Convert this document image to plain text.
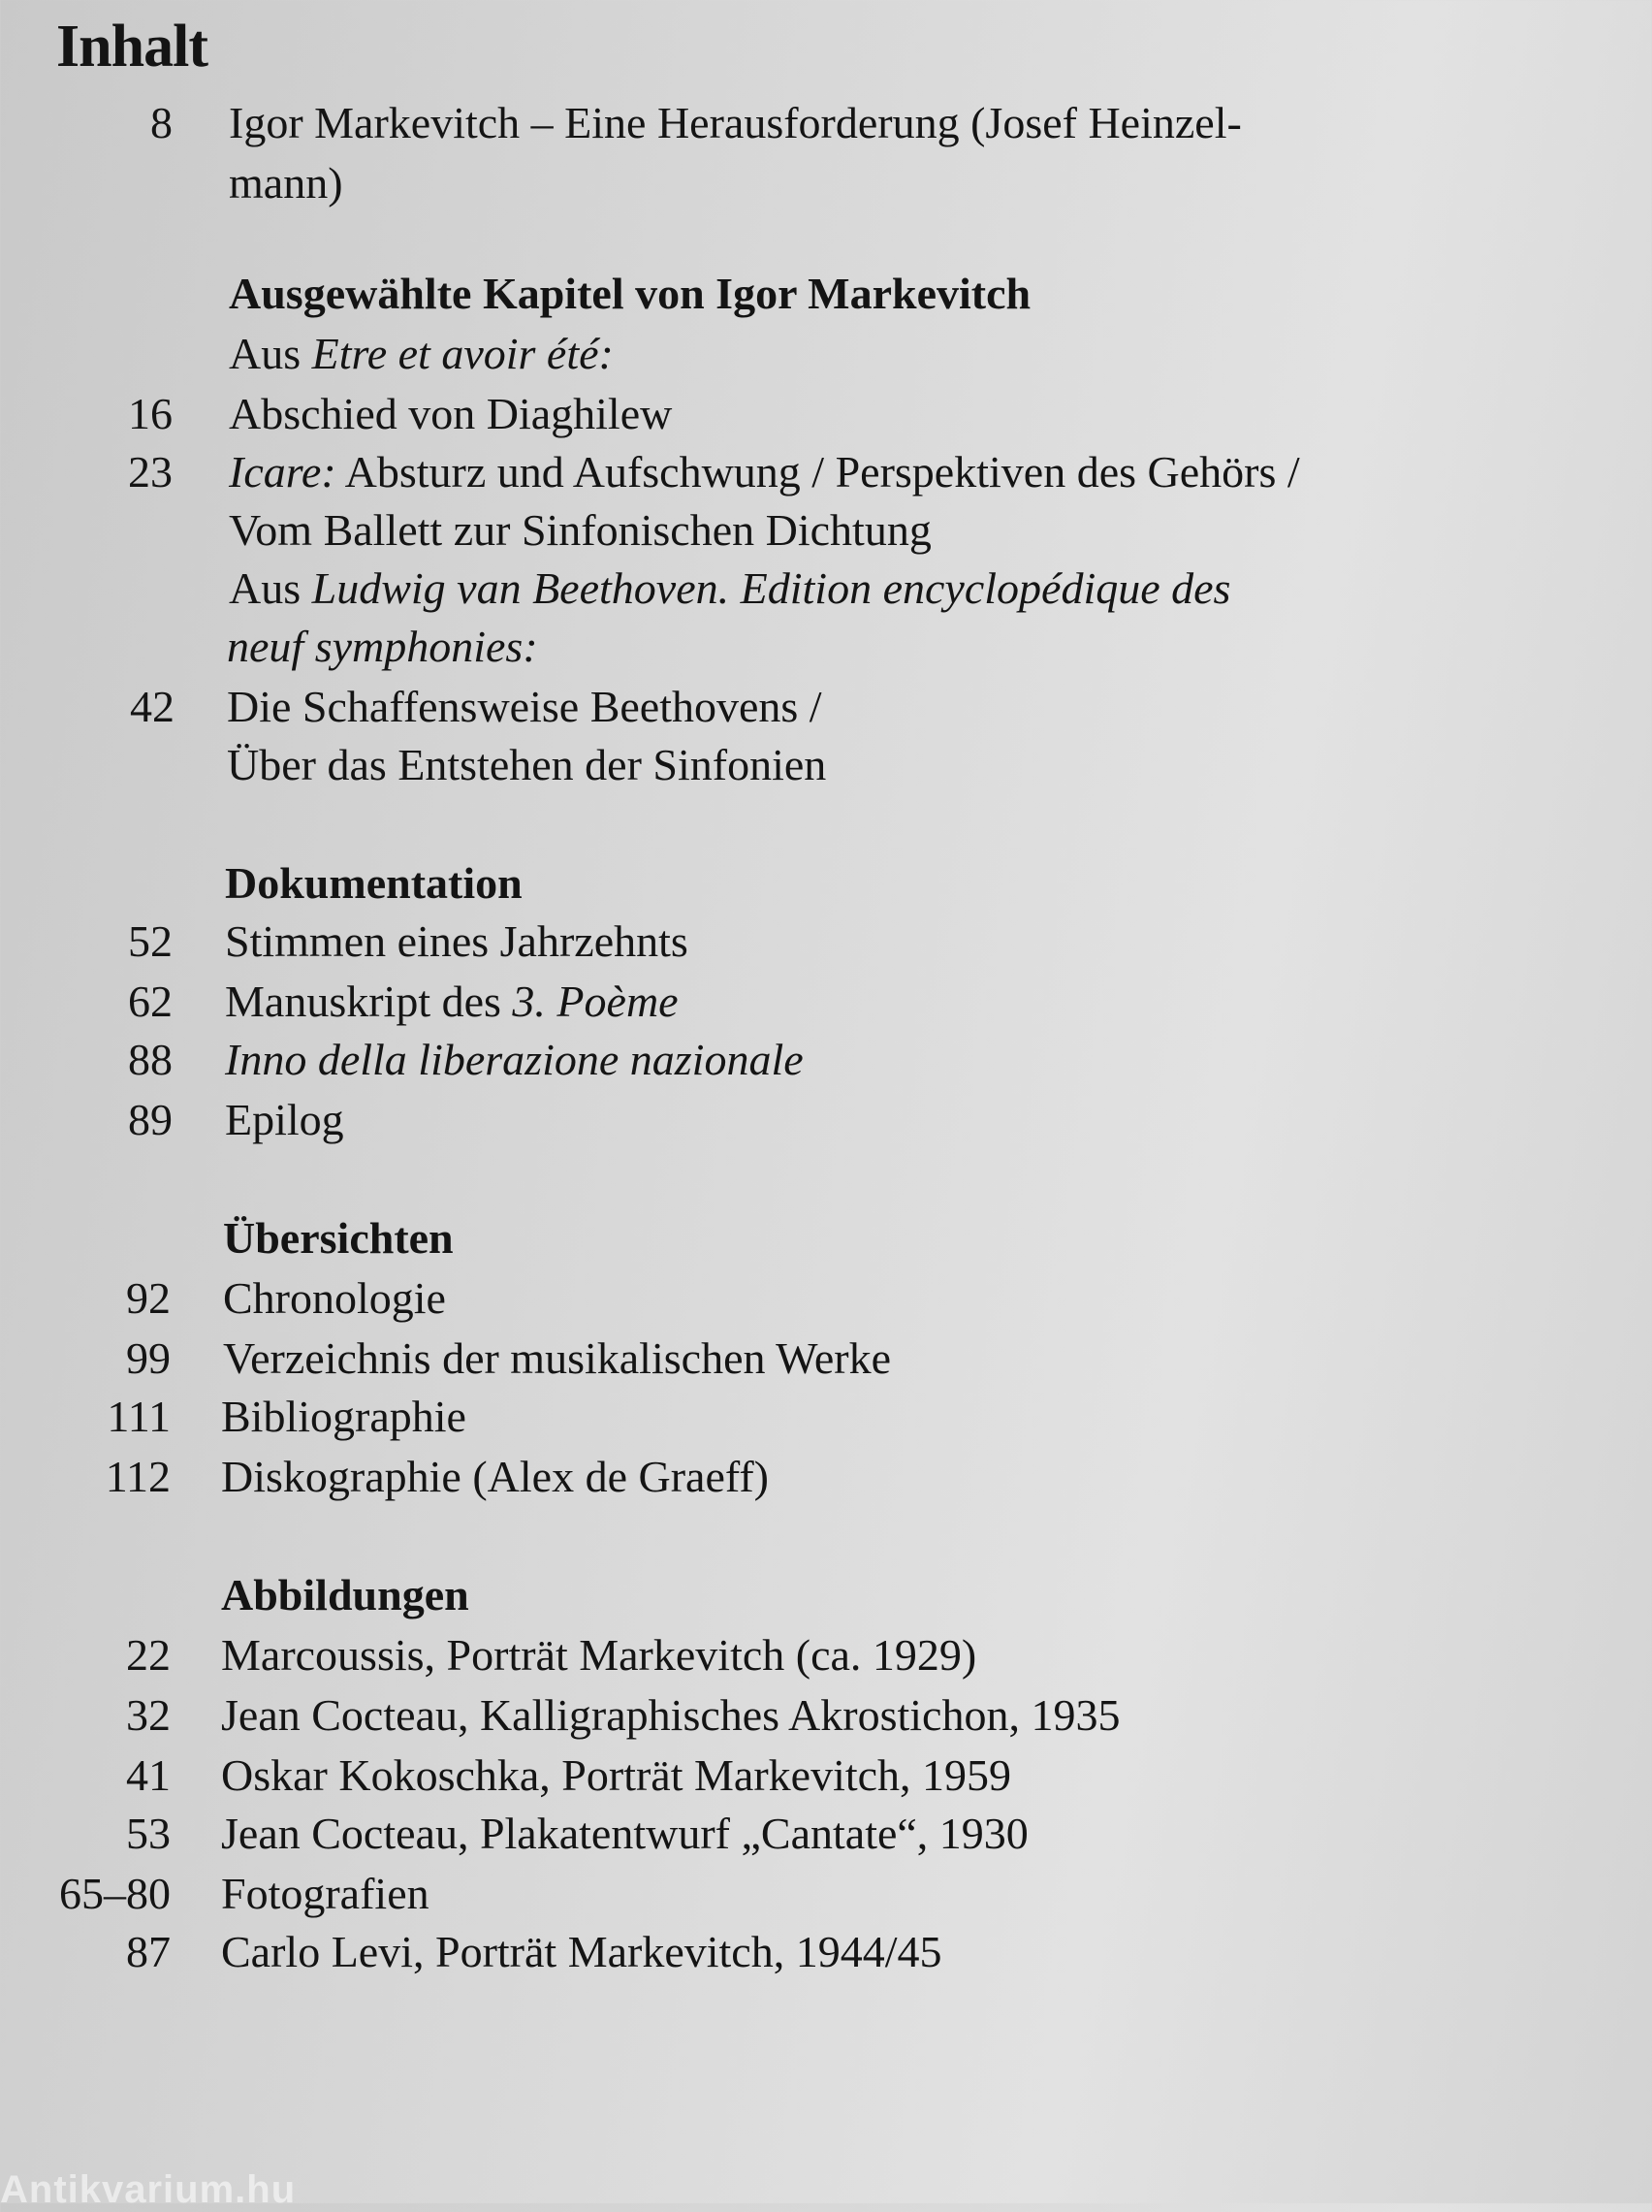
Inhalt
8 Igor Markevitch – Eine Herausforderung (Josef Heinzel-
mann)
Ausgewählte Kapitel von Igor Markevitch
Aus Etre et avoir été:
16 Abschied von Diaghilew
23 Icare: Absturz und Aufschwung / Perspektiven des Gehörs /
Vom Ballett zur Sinfonischen Dichtung
Aus Ludwig van Beethoven. Edition encyclopédique des
neuf symphonies:
42 Die Schaffensweise Beethovens /
Über das Entstehen der Sinfonien
Dokumentation
52 Stimmen eines Jahrzehnts
62 Manuskript des 3. Poème
88 Inno della liberazione nazionale
89 Epilog
Übersichten
92 Chronologie
99 Verzeichnis der musikalischen Werke
111 Bibliographie
112 Diskographie (Alex de Graeff)
Abbildungen
22 Marcoussis, Porträt Markevitch (ca. 1929)
32 Jean Cocteau, Kalligraphisches Akrostichon, 1935
41 Oskar Kokoschka, Porträt Markevitch, 1959
53 Jean Cocteau, Plakatentwurf „Cantate“, 1930
65–80 Fotografien
87 Carlo Levi, Porträt Markevitch, 1944/45
Antikvarium.hu
